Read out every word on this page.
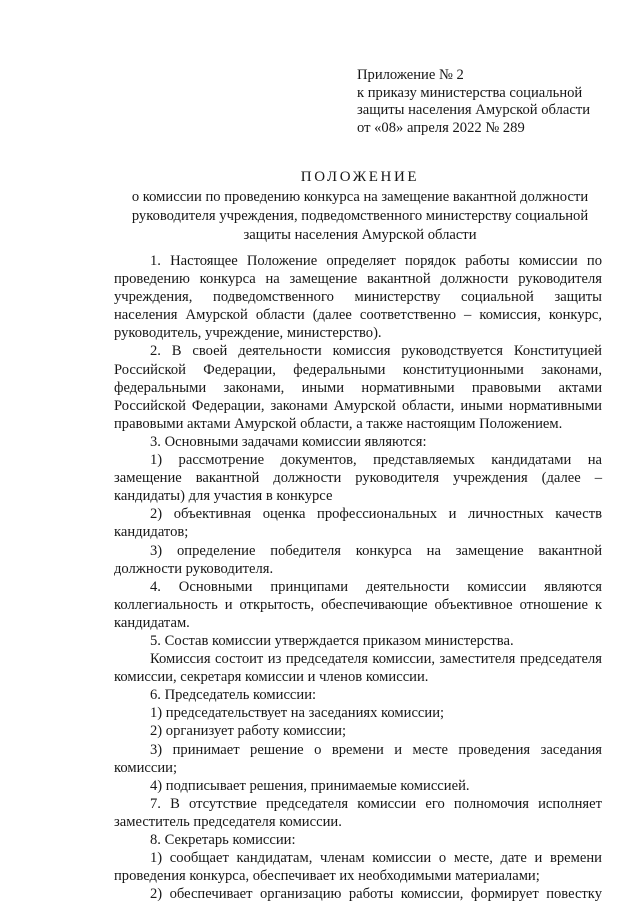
Приложение № 2
к приказу министерства социальной
защиты населения Амурской области
от «08» апреля 2022 № 289
ПОЛОЖЕНИЕ
о комиссии по проведению конкурса на замещение вакантной должности
руководителя учреждения, подведомственного министерству социальной
защиты населения Амурской области
1. Настоящее Положение определяет порядок работы комиссии по
проведению конкурса на замещение вакантной должности руководителя
учреждения, подведомственного министерству социальной защиты
населения Амурской области (далее соответственно – комиссия, конкурс,
руководитель, учреждение, министерство).
2. В своей деятельности комиссия руководствуется Конституцией
Российской Федерации, федеральными конституционными законами,
федеральными законами, иными нормативными правовыми актами
Российской Федерации, законами Амурской области, иными нормативными
правовыми актами Амурской области, а также настоящим Положением.
3. Основными задачами комиссии являются:
1) рассмотрение документов, представляемых кандидатами на
замещение вакантной должности руководителя учреждения (далее –
кандидаты) для участия в конкурсе
2) объективная оценка профессиональных и личностных качеств
кандидатов;
3) определение победителя конкурса на замещение вакантной
должности руководителя.
4. Основными принципами деятельности комиссии являются
коллегиальность и открытость, обеспечивающие объективное отношение к
кандидатам.
5. Состав комиссии утверждается приказом министерства.
Комиссия состоит из председателя комиссии, заместителя председателя
комиссии, секретаря комиссии и членов комиссии.
6. Председатель комиссии:
1) председательствует на заседаниях комиссии;
2) организует работу комиссии;
3) принимает решение о времени и месте проведения заседания
комиссии;
4) подписывает решения, принимаемые комиссией.
7. В отсутствие председателя комиссии его полномочия исполняет
заместитель председателя комиссии.
8. Секретарь комиссии:
1) сообщает кандидатам, членам комиссии о месте, дате и времени
проведения конкурса, обеспечивает их необходимыми материалами;
2) обеспечивает организацию работы комиссии, формирует повестку
